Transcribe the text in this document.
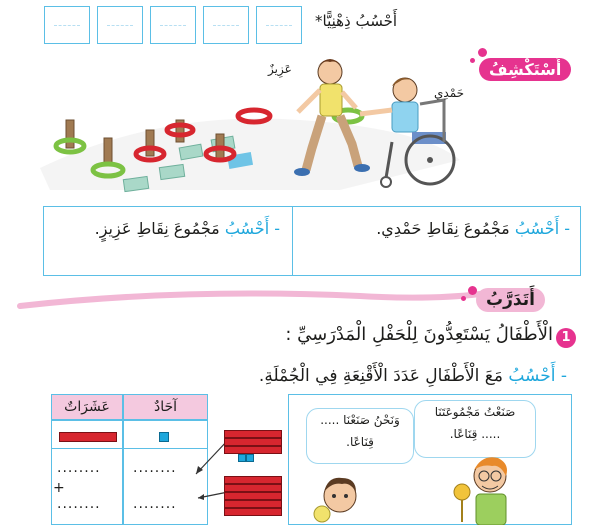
أَحْسُبُ ذِهْنِيًّا*
أَسْتَكْشِفُ
عَزِيزٌ
حَمْدِي
- أَحْسُبُ مَجْمُوعَ نِقَاطِ حَمْدِي.
- أَحْسُبُ مَجْمُوعَ نِقَاطِ عَزِيزٍ.
أَتَدَرَّبُ
1
الْأَطْفَالُ يَسْتَعِدُّونَ لِلْحَفْلِ الْمَدْرَسِيِّ :
- أَحْسُبُ مَعَ الْأَطْفَالِ عَدَدَ الْأَقْنِعَةِ فِي الْجُمْلَةِ.
عَشَرَاتٌ	آحَادٌ
........ ........
+
........ ........
وَنَحْنُ صَنَعْنَا .....
قِنَاعًا.
صَنَعْتُ مَجْمُوعَتَنَا
..... قِنَاعًا.
